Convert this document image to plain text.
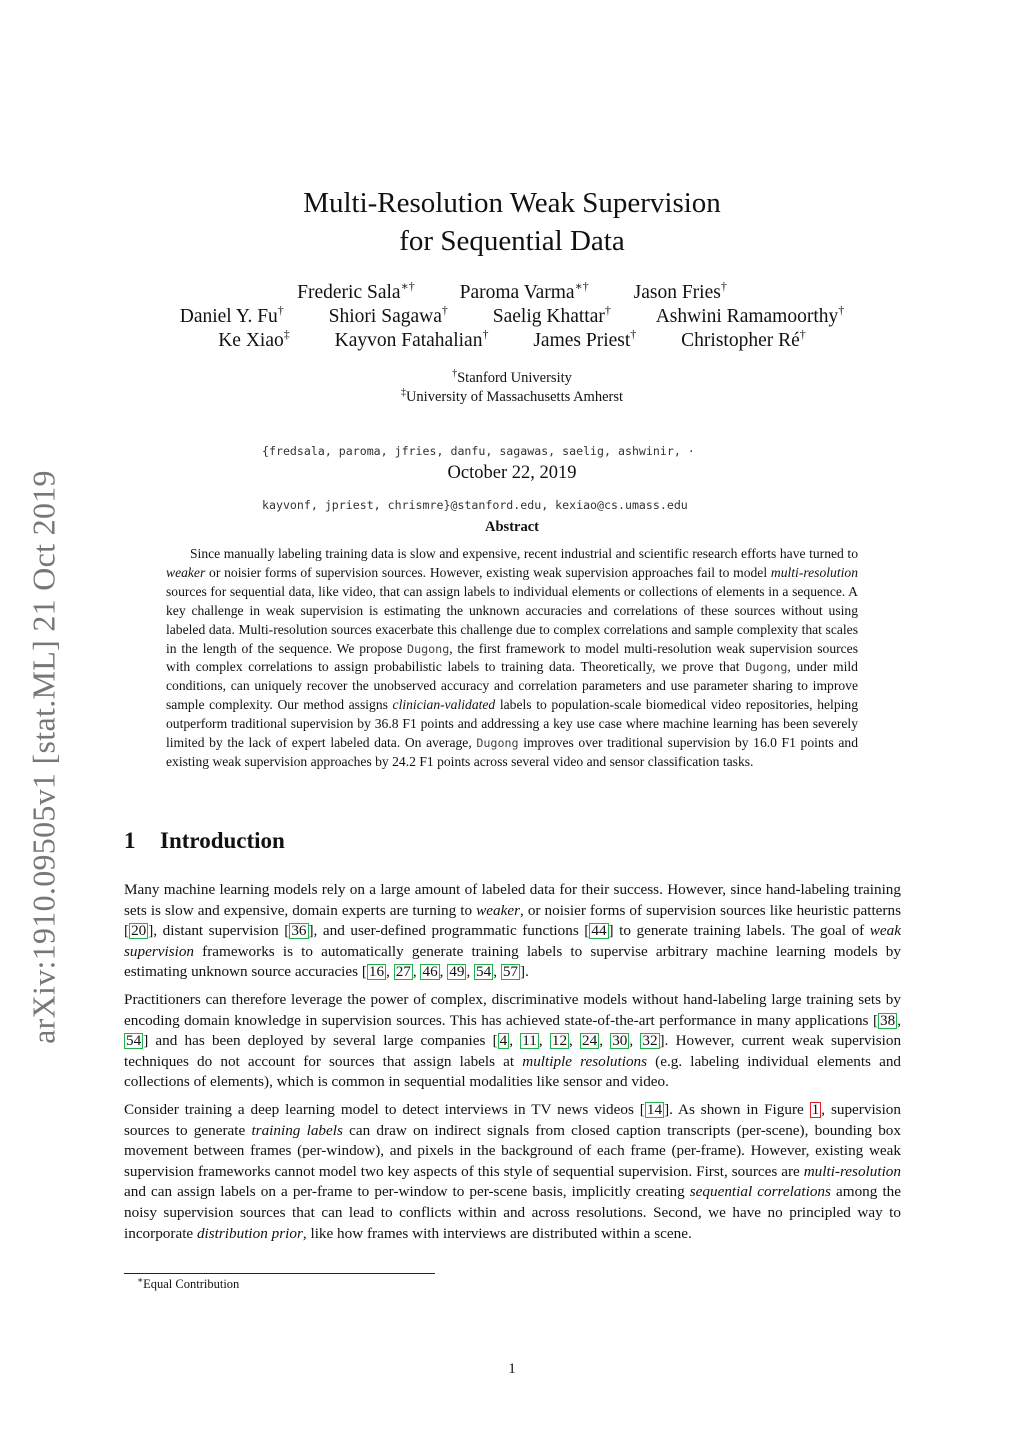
arXiv:1910.09505v1 [stat.ML] 21 Oct 2019
Multi-Resolution Weak Supervision
for Sequential Data
Frederic Sala∗† Paroma Varma∗† Jason Fries†
Daniel Y. Fu† Shiori Sagawa† Saelig Khattar† Ashwini Ramamoorthy†
Ke Xiao‡ Kayvon Fatahalian† James Priest† Christopher Ré†
†Stanford University
‡University of Massachusetts Amherst

{fredsala, paroma, jfries, danfu, sagawas, saelig, ashwinir, ·

kayvonf, jpriest, chrismre}@stanford.edu, kexiao@cs.umass.edu

October 22, 2019
Abstract
Since manually labeling training data is slow and expensive, recent industrial and scientific research efforts have turned to weaker or noisier forms of supervision sources. However, existing weak supervision approaches fail to model multi-resolution sources for sequential data, like video, that can assign labels to individual elements or collections of elements in a sequence. A key challenge in weak supervision is estimating the unknown accuracies and correlations of these sources without using labeled data. Multi-resolution sources exacerbate this challenge due to complex correlations and sample complexity that scales in the length of the sequence. We propose Dugong, the first framework to model multi-resolution weak supervision sources with complex correlations to assign probabilistic labels to training data. Theoretically, we prove that Dugong, under mild conditions, can uniquely recover the unobserved accuracy and correlation parameters and use parameter sharing to improve sample complexity. Our method assigns clinician-validated labels to population-scale biomedical video repositories, helping outperform traditional supervision by 36.8 F1 points and addressing a key use case where machine learning has been severely limited by the lack of expert labeled data. On average, Dugong improves over traditional supervision by 16.0 F1 points and existing weak supervision approaches by 24.2 F1 points across several video and sensor classification tasks.
1 Introduction

Many machine learning models rely on a large amount of labeled data for their success. However, since hand-labeling training sets is slow and expensive, domain experts are turning to weaker, or noisier forms of supervision sources like heuristic patterns [ 20 ], distant supervision [ 36 ], and user-defined programmatic functions [ 44 ] to generate training labels. The goal of weak supervision frameworks is to automatically generate training labels to supervise arbitrary machine learning models by estimating unknown source accuracies [ 16 , 27 , 46 , 49 , 54 , 57 ].

Practitioners can therefore leverage the power of complex, discriminative models without hand-labeling large training sets by encoding domain knowledge in supervision sources. This has achieved state-of-the-art performance in many applications [ 38 , 54 ] and has been deployed by several large companies [ 4 , 11 , 12 , 24 , 30 , 32 ]. However, current weak supervision techniques do not account for sources that assign labels at multiple resolutions (e.g. labeling individual elements and collections of elements), which is common in sequential modalities like sensor and video.

Consider training a deep learning model to detect interviews in TV news videos [ 14 ]. As shown in Figure 1 , supervision sources to generate training labels can draw on indirect signals from closed caption transcripts (per-scene), bounding box movement between frames (per-window), and pixels in the background of each frame (per-frame). However, existing weak supervision frameworks cannot model two key aspects of this style of sequential supervision. First, sources are multi-resolution and can assign labels on a per-frame to per-window to per-scene basis, implicitly creating sequential correlations among the noisy supervision sources that can lead to conflicts within and across resolutions. Second, we have no principled way to incorporate distribution prior, like how frames with interviews are distributed within a scene.

∗Equal Contribution
1
